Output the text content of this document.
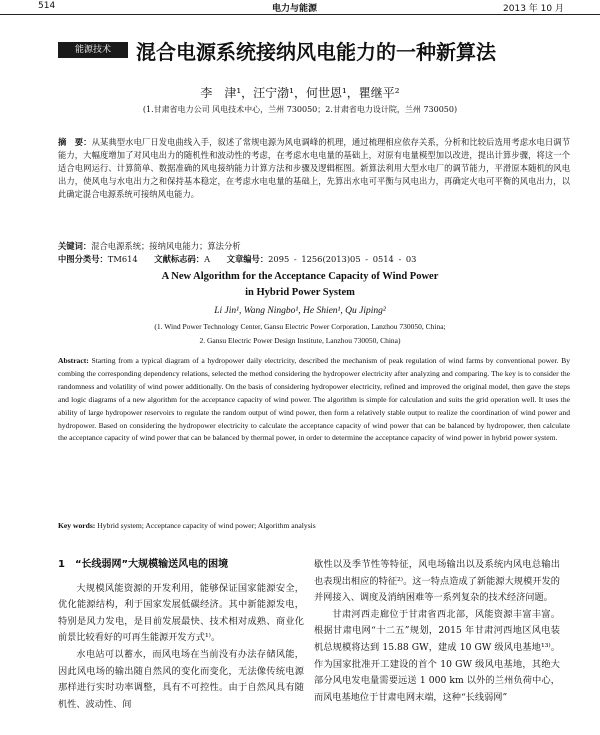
514	电力与能源	2013 年 10 月
能源技术	混合电源系统接纳风电能力的一种新算法
李　津¹，汪宁渤¹，何世恩¹，瞿继平²
(1.甘肃省电力公司 风电技术中心，兰州 730050；2.甘肃省电力设计院，兰州 730050)
摘　要：从某典型水电厂日发电曲线入手，叙述了常规电源为风电调峰的机理，通过梳理相应依存关系，分析和比较后选用考虑水电日调节能力，大幅度增加了对风电出力的随机性和波动性的考虑，在考虑水电电量的基础上，对原有电量模型加以改进，提出计算步骤，将这一个适合电网运行、计算简单、数据准确的风电接纳能力计算方法和步骤及逻辑框图。新算法利用大型水电厂的调节能力，平滑原本随机的风电出力，使风电与水电出力之和保持基本稳定，在考虑水电电量的基础上，先算出水电可平衡与风电出力，再确定火电可平衡的风电出力，以此确定混合电源系统可接纳风电能力。
关键词：混合电源系统；接纳风电能力；算法分析
中图分类号：TM614   文献标志码：A   文章编号：2095 - 1256(2013)05 - 0514 - 03
A New Algorithm for the Acceptance Capacity of Wind Power
in Hybrid Power System
Li Jin¹, Wang Ningbo¹, He Shien¹, Qu Jiping²
(1. Wind Power Technology Center, Gansu Electric Power Corporation, Lanzhou 730050, China;
2. Gansu Electric Power Design Institute, Lanzhou 730050, China)
Abstract: Starting from a typical diagram of a hydropower daily electricity, described the mechanism of peak regulation of wind farms by conventional power. By combing the corresponding dependency relations, selected the method considering the hydropower electricity after analyzing and comparing. The key is to consider the randomness and volatility of wind power additionally. On the basis of considering hydropower electricity, refined and improved the original model, then gave the steps and logic diagrams of a new algorithm for the acceptance capacity of wind power. The algorithm is simple for calculation and suits the grid operation well. It uses the ability of large hydropower reservoirs to regulate the random output of wind power, then form a relatively stable output to realize the coordination of wind power and hydropower. Based on considering the hydropower electricity to calculate the acceptance capacity of wind power that can be balanced by hydropower, then calculate the acceptance capacity of wind power that can be balanced by thermal power, in order to determine the acceptance capacity of wind power in hybrid power system.
Key words: Hybrid system; Acceptance capacity of wind power; Algorithm analysis
1　“长线弱网”大规模输送风电的困境

大规模风能资源的开发利用，能够保证国家能源安全，优化能源结构，利于国家发展低碳经济。其中新能源发电，特别是风力发电，是目前发展最快、技术相对成熟、商业化前景比较看好的可再生能源开发方式¹⁾。

水电站可以蓄水，而风电场在当前没有办法存储风能，因此风电场的输出随自然风的变化而变化，无法像传统电源那样进行实时功率调整，具有不可控性。由于自然风具有随机性、波动性、间

歇性以及季节性等特征，风电场输出以及系统内风电总输出也表现出相应的特征²⁾。这一特点造成了新能源大规模开发的并网接入、调度及消纳困难等一系列复杂的技术经济问题。

甘肃河西走廊位于甘肃省西北部，风能资源丰富丰富。根据甘肃电网“十二五”规划，2015 年甘肃河西地区风电装机总规模将达到 15.88 GW，建成 10 GW 级风电基地¹³⁾。作为国家批准开工建设的首个 10 GW 级风电基地，其绝大部分风电发电量需要远送 1 000 km 以外的兰州负荷中心，而风电基地位于甘肃电网末端，这种“长线弱网”
